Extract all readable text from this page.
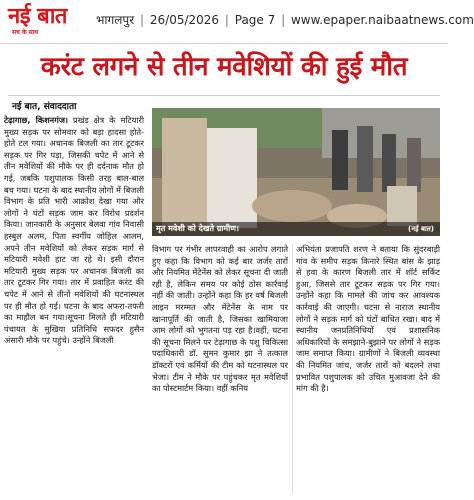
नई बात
सच के साथ
भागलपुर | 26/05/2026 | Page 7 | www.epaper.naibaatnews.com
करंट लगने से तीन मवेशियों की हुई मौत
नई बात, संवाददाता
टेढ़ागाछ, किशनगंज। प्रखंड क्षेत्र के मटियारी मुख्य सड़क पर सोमवार को बड़ा हादसा होते-होते टल गया। अचानक बिजली का तार टूटकर सड़क पर गिर पड़ा, जिसकी चपेट में आने से तीन मवेशियों की मौके पर ही दर्दनाक मौत हो गई, जबकि पशुपालक किसी तरह बाल-बाल बच गया। घटना के बाद स्थानीय लोगों में बिजली विभाग के प्रति भारी आक्रोश देखा गया और लोगों ने घंटों सड़क जाम कर विरोध प्रदर्शन किया। जानकारी के अनुसार बेलवा गांव निवासी हस्बुल अलम, पिता स्वर्गीय जोहिल आलम, अपने तीन मवेशियों को लेकर सड़क मार्ग से मटियारी मवेशी हाट जा रहे थे। इसी दौरान मटियारी मुख्य सड़क पर अचानक बिजली का तार टूटकर गिर गया। तार में प्रवाहित करंट की चपेट में आने से तीनों मवेशियों की घटनास्थल पर ही मौत हो गई। घटना के बाद अफरा-तफरी का माहौल बन गया।सूचना मिलते ही मटियारी पंचायत के मुखिया प्रतिनिधि सफदर हुसैन अंसारी मौके पर पहुंचे। उन्होंने बिजली
मृत मवेशी को देखते ग्रामीण।	(नई बात)
विभाग पर गंभीर लापरवाही का आरोप लगाते हुए कहा कि विभाग को कई बार जर्जर तारों और नियमित मेंटेनेंस को लेकर सूचना दी जाती रही है, लेकिन समय पर कोई ठोस कार्रवाई नहीं की जाती। उन्होंने कहा कि हर वर्ष बिजली लाइन मरम्मत और मेंटेनेंस के नाम पर खानापूर्ति की जाती है, जिसका खामियाजा आम लोगों को भुगतना पड़ रहा है।वहीं, घटना की सूचना मिलने पर टेढ़ागाछ के पशु चिकित्सा पदाधिकारी डॉ. सुमन कुमार झा ने तत्काल डॉक्टरों एवं कर्मियों की टीम को घटनास्थल पर भेजा। टीम ने मौके पर पहुंचकर मृत मवेशियों का पोस्टमार्टम किया। वहीं कनिय
अभियंता प्रजापति शरण ने बताया कि सुंदरबाड़ी गांव के समीप सड़क किनारे स्थित बांस के झाड़ से हवा के कारण बिजली तार में शॉर्ट सर्किट हुआ, जिससे तार टूटकर सड़क पर गिर गया। उन्होंने कहा कि मामले की जांच कर आवश्यक कार्रवाई की जाएगी। घटना से नाराज स्थानीय लोगों ने सड़क मार्ग को घंटों बाधित रखा। बाद में स्थानीय जनप्रतिनिधियों एवं प्रशासनिक अधिकारियों के समझाने-बुझाने पर लोगों ने सड़क जाम समाप्त किया। ग्रामीणों ने बिजली व्यवस्था की नियमित जांच, जर्जर तारों को बदलने तथा प्रभावित पशुपालक को उचित मुआवजा देने की मांग की है।
